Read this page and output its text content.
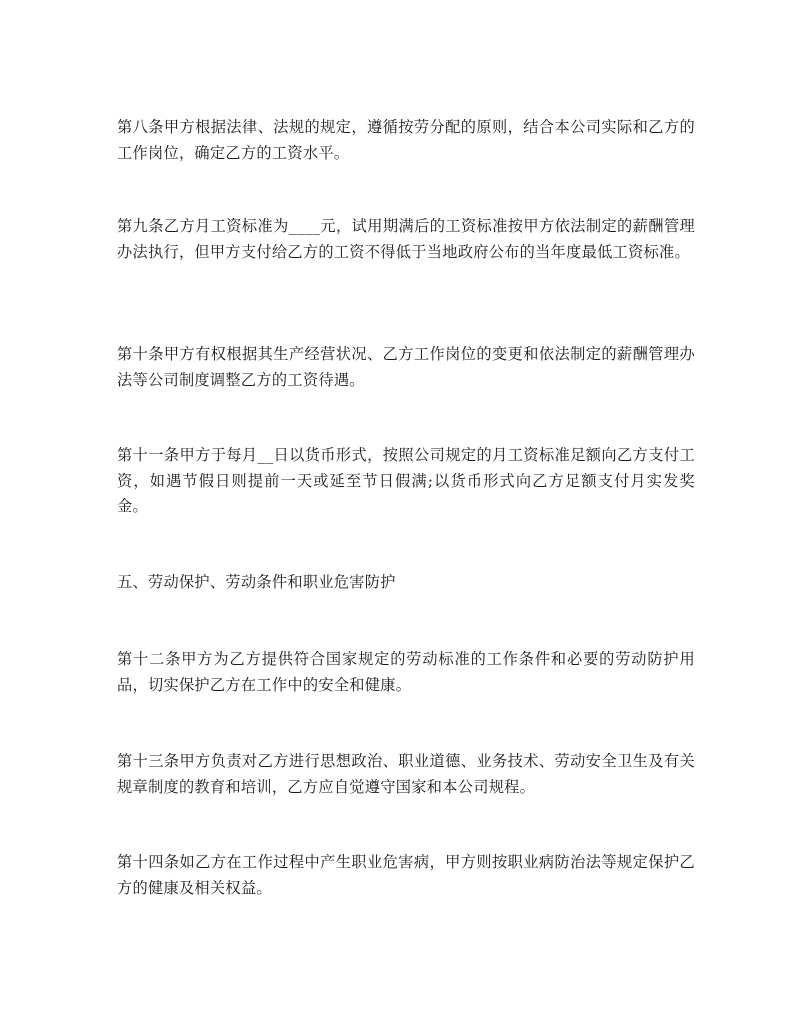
第八条甲方根据法律、法规的规定，遵循按劳分配的原则，结合本公司实际和乙方的工作岗位，确定乙方的工资水平。

第九条乙方月工资标准为____元，试用期满后的工资标准按甲方依法制定的薪酬管理办法执行，但甲方支付给乙方的工资不得低于当地政府公布的当年度最低工资标准。

第十条甲方有权根据其生产经营状况、乙方工作岗位的变更和依法制定的薪酬管理办法等公司制度调整乙方的工资待遇。

第十一条甲方于每月__日以货币形式，按照公司规定的月工资标准足额向乙方支付工资，如遇节假日则提前一天或延至节日假满;以货币形式向乙方足额支付月实发奖金。

五、劳动保护、劳动条件和职业危害防护

第十二条甲方为乙方提供符合国家规定的劳动标准的工作条件和必要的劳动防护用品，切实保护乙方在工作中的安全和健康。

第十三条甲方负责对乙方进行思想政治、职业道德、业务技术、劳动安全卫生及有关规章制度的教育和培训，乙方应自觉遵守国家和本公司规程。

第十四条如乙方在工作过程中产生职业危害病，甲方则按职业病防治法等规定保护乙方的健康及相关权益。
